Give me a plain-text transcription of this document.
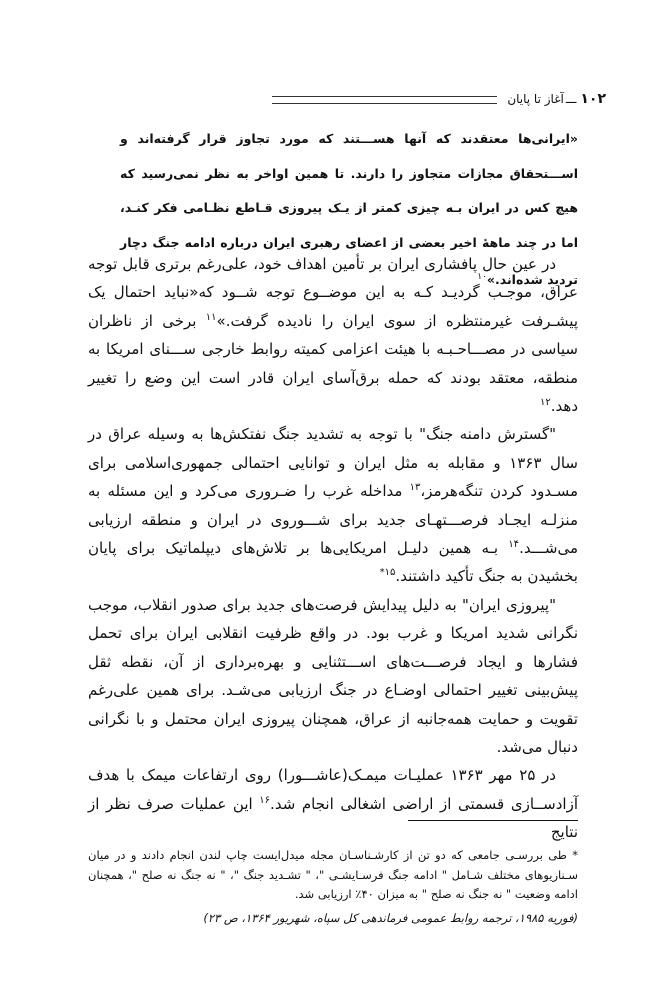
۱۰۲
ـــ
آغاز تا پایان
«ایرانی‌ها معتقدند که آنها هســـتند که مورد تجاوز قرار گرفته‌اند و اســـتحقاق مجازات متجاوز را دارند. تا همین اواخر به نظر نمی‌رسید که هیچ کس در ایران بـه چیزی کمتر از یـک پیروزی قـاطع نظـامی فکر کنـد، اما در چند ماههٔ اخیر بعضی از اعضای رهبری ایران درباره ادامه جنگ دچار تردید شده‌اند.»$^{۱۰}$

در عین حال پافشاری ایران بر تأمین اهداف خود، علی‌رغم برتری قابل توجه عراق، موجـب گردیـد کـه به این موضــوع توجه شــود که«نباید احتمال یک پیشـرفت غیرمنتظره از سوی ایران را نادیده گرفت.»$^{۱۱}$ برخی از ناظران سیاسی در مصـــاحـبـه با هیئت اعزامی کمیته روابط خارجی ســـنای امریکا به منطقه، معتقد بودند که حمله برق‌آسای ایران قادر است این وضع را تغییر دهد.$^{۱۲}$

"گسترش دامنه جنگ" با توجه به تشدید جنگ نفتکش‌ها به وسیله عراق در سال ۱۳۶۳ و مقابله به مثل ایران و توانایی احتمالی جمهوری‌اسلامی برای مسـدود کردن تنگه‌هرمز،$^{۱۳}$ مداخله غرب را ضـروری می‌کرد و این مسئله به منزلـه ایجـاد فرصـــتهـای جدید برای شـــوروی در ایران و منطقه ارزیابی می‌شـــد.$^{۱۴}$ بـه همین دلیـل امریکایی‌ها بر تلاش‌های دیپلماتیک برای پایان بخشیدن به جنگ تأکید داشتند.$^{۱۵*}$

"پیروزی ایران" به دلیل پیدایش فرصت‌های جدید برای صدور انقلاب، موجب نگرانی شدید امریکا و غرب بود. در واقع ظرفیت انقلابی ایران برای تحمل فشارها و ایجاد فرصـــت‌های اســـتثنایی و بهره‌برداری از آن، نقطه ثقل پیش‌بینی تغییر احتمالی اوضـاع در جنگ ارزیابی می‌شـد. برای همین علی‌رغم تقویت و حمایت همه‌جانبه از عراق، همچنان پیروزی ایران محتمل و با نگرانی دنبال می‌شد.

در ۲۵ مهر ۱۳۶۳ عملیـات میمـک(عاشـــورا) روی ارتفاعات میمک با هدف آزادســازی قسمتی از اراضی اشغالی انجام شد.$^{۱۶}$ این عملیات صرف نظر از نتایج

* طی بررسـی جامعی که دو تن از کارشـناسـان مجله میدل‌ایست چاپ لندن انجام دادند و در میان سـناریوهای مختلف شـامل " ادامه جنگ فرسـایشـی "، " تشـدید جنگ "، " نه جنگ نه صلح "، همچنان ادامه وضعیت " نه جنگ نه صلح " به میزان ۴۰٪ ارزیابی شد.
(فوریه ۱۹۸۵، ترجمه روابط عمومی فرماندهی کل سپاه، شهریور ۱۳۶۴، ص ۲۳)
